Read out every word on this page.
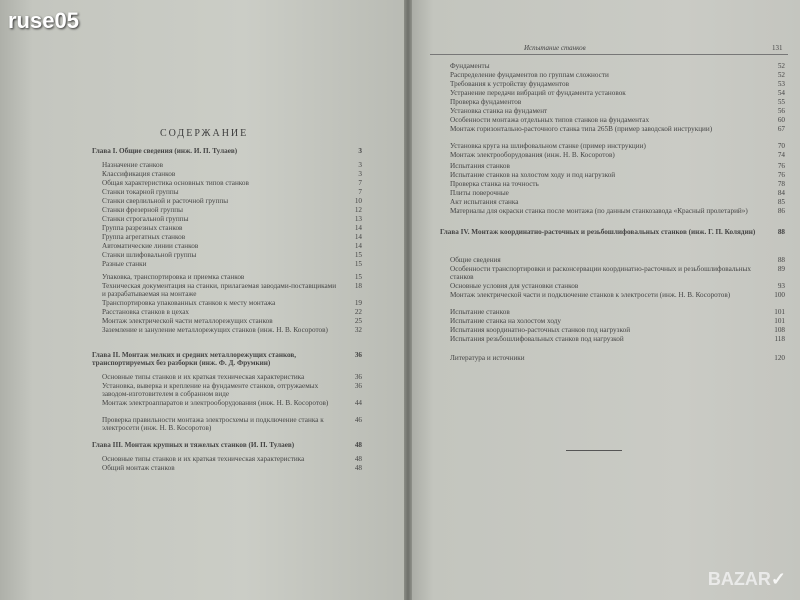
ruse05
СОДЕРЖАНИЕ
Глава I. Общие сведения (инж. И. П. Тулаев)	3
Назначение станков	3
Классификация станков	3
Общая характеристика основных типов станков	7
Станки токарной группы	7
Станки сверлильной и расточной группы	10
Станки фрезерной группы	12
Станки строгальной группы	13
Группа разрезных станков	14
Группа агрегатных станков	14
Автоматические линии станков	14
Станки шлифовальной группы	15
Разные станки	15
Упаковка, транспортировка и приемка станков	15
Техническая документация на станки, прилагаемая заводами-поставщиками и разрабатываемая на монтаже
18
Транспортировка упакованных станков к месту монтажа	19
Расстановка станков в цехах	22
Монтаж электрической части металлорежущих станков	25
Заземление и зануление металлорежущих станков (инж. Н. В. Косоротов)	32
Глава II. Монтаж мелких и средних металлорежущих станков, транспортируемых без разборки (инж. Ф. Д. Фрумкин)
36
Основные типы станков и их краткая техническая характеристика	36
Установка, выверка и крепление на фундаменте станков, отгружаемых заводом-изготовителем в собранном виде
36
Монтаж электроаппаратов и электрооборудования (инж. Н. В. Косоротов)	44
Проверка правильности монтажа электросхемы и подключение станка к электросети (инж. Н. В. Косоротов)
46
Глава III. Монтаж крупных и тяжелых станков (И. П. Тулаев)	48
Основные типы станков и их краткая техническая характеристика	48
Общий монтаж станков	48
Испытание станков	131
Фундаменты	52
Распределение фундаментов по группам сложности	52
Требования к устройству фундаментов	53
Устранение передачи вибраций от фундамента установок	54
Проверка фундаментов	55
Установка станка на фундамент	56
Особенности монтажа отдельных типов станков на фундаментах	60
Монтаж горизонтально-расточного станка типа 265В (пример заводской инструкции)	67
Установка круга на шлифовальном станке (пример инструкции)	70
Монтаж электрооборудования (инж. Н. В. Косоротов)	74
Испытания станков	76
Испытание станков на холостом ходу и под нагрузкой	76
Проверка станка на точность	78
Плиты поверочные	84
Акт испытания станка	85
Материалы для окраски станка после монтажа (по данным станкозавода «Красный пролетарий»)	86
Глава IV. Монтаж координатно-расточных и резьбошлифовальных станков (инж. Г. П. Колядин)	88
Общие сведения	88
Особенности транспортировки и расконсервации координатно-расточных и резьбошлифовальных станков
89
Основные условия для установки станков	93
Монтаж электрической части и подключение станков к электросети (инж. Н. В. Косоротов)	100
Испытание станков	101
Испытание станка на холостом ходу	101
Испытания координатно-расточных станков под нагрузкой	108
Испытания резьбошлифовальных станков под нагрузкой	118
Литература и источники	120
BAZAR✓
